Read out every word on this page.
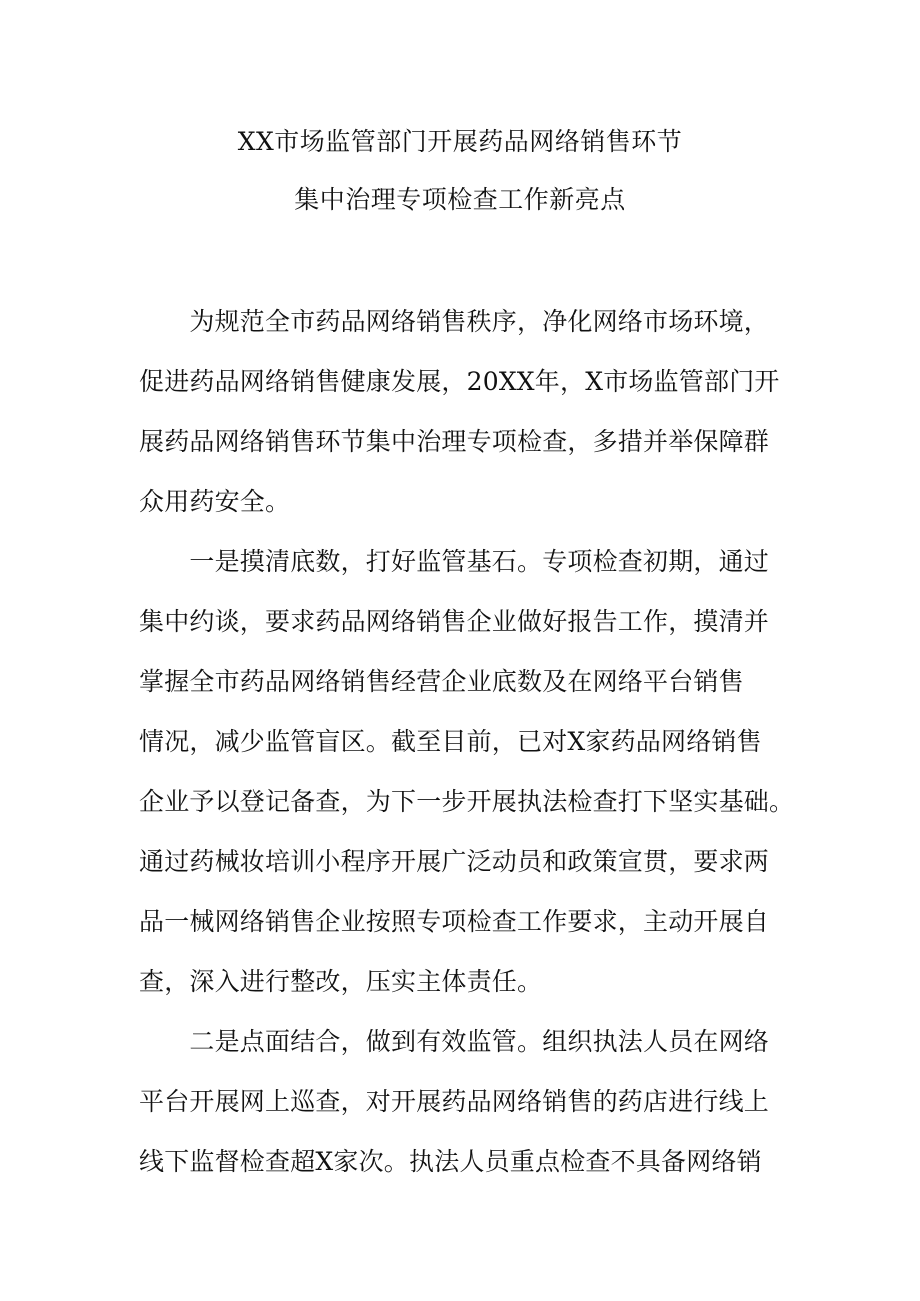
XX市场监管部门开展药品网络销售环节
集中治理专项检查工作新亮点
　　为规范全市药品网络销售秩序，净化网络市场环境，
促进药品网络销售健康发展，20XX年，X市场监管部门开
展药品网络销售环节集中治理专项检查，多措并举保障群
众用药安全。
　　一是摸清底数，打好监管基石。专项检查初期，通过
集中约谈，要求药品网络销售企业做好报告工作，摸清并
掌握全市药品网络销售经营企业底数及在网络平台销售
情况，减少监管盲区。截至目前，已对X家药品网络销售
企业予以登记备查，为下一步开展执法检查打下坚实基础。
通过药械妆培训小程序开展广泛动员和政策宣贯，要求两
品一械网络销售企业按照专项检查工作要求，主动开展自
查，深入进行整改，压实主体责任。
　　二是点面结合，做到有效监管。组织执法人员在网络
平台开展网上巡查，对开展药品网络销售的药店进行线上
线下监督检查超X家次。执法人员重点检查不具备网络销
